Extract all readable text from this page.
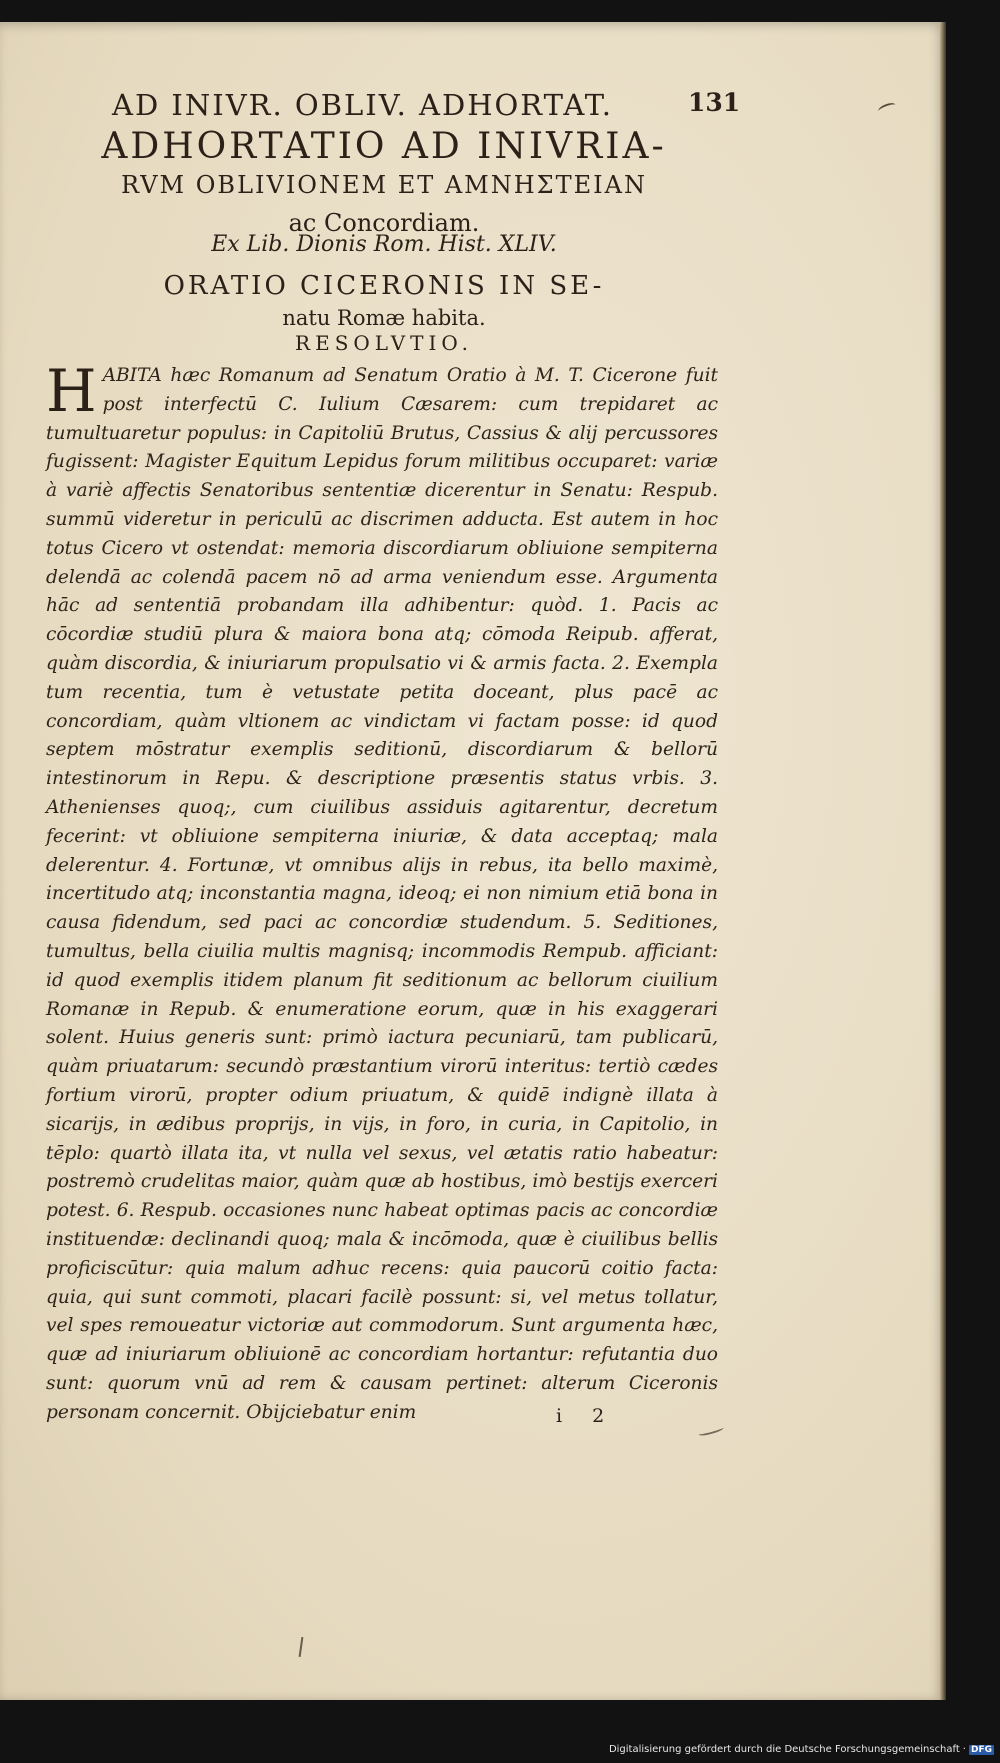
AD INIVR. OBLIV. ADHORTAT.	131
ADHORTATIO AD INIVRIA-
RVM OBLIVIONEM ET AMNHΣTEIAN
ac Concordiam.
Ex Lib. Dionis Rom. Hist. XLIV.
ORATIO CICERONIS IN SE-
natu Romæ habita.
RESOLVTIO.
HABITA hæc Romanum ad Senatum Oratio à M. T. Cicerone fuit post interfectū C. Iulium Cæsarem: cum trepidaret ac tumultuaretur populus: in Capitoliū Brutus, Cassius & alij percussores fugissent: Magister Equitum Lepidus forum militibus occuparet: variæ à variè affectis Senatoribus sententiæ dicerentur in Senatu: Respub. summū videretur in periculū ac discrimen adducta. Est autem in hoc totus Cicero vt ostendat: memoria discordiarum obliuione sempiterna delendā ac colendā pacem nō ad arma veniendum esse. Argumenta hāc ad sententiā probandam illa adhibentur: quòd. 1. Pacis ac cōcordiæ studiū plura & maiora bona atq; cōmoda Reipub. afferat, quàm discordia, & iniuriarum propulsatio vi & armis facta. 2. Exempla tum recentia, tum è vetustate petita doceant, plus pacē ac concordiam, quàm vltionem ac vindictam vi factam posse: id quod septem mōstratur exemplis seditionū, discordiarum & bellorū intestinorum in Repu. & descriptione præsentis status vrbis. 3. Athenienses quoq;, cum ciuilibus assiduis agitarentur, decretum fecerint: vt obliuione sempiterna iniuriæ, & data acceptaq; mala delerentur. 4. Fortunæ, vt omnibus alijs in rebus, ita bello maximè, incertitudo atq; inconstantia magna, ideoq; ei non nimium etiā bona in causa fidendum, sed paci ac concordiæ studendum. 5. Seditiones, tumultus, bella ciuilia multis magnisq; incommodis Rempub. afficiant: id quod exemplis itidem planum fit seditionum ac bellorum ciuilium Romanæ in Repub. & enumeratione eorum, quæ in his exaggerari solent. Huius generis sunt: primò iactura pecuniarū, tam publicarū, quàm priuatarum: secundò præstantium virorū interitus: tertiò cædes fortium virorū, propter odium priuatum, & quidē indignè illata à sicarijs, in ædibus proprijs, in vijs, in foro, in curia, in Capitolio, in tēplo: quartò illata ita, vt nulla vel sexus, vel ætatis ratio habeatur: postremò crudelitas maior, quàm quæ ab hostibus, imò bestijs exerceri potest. 6. Respub. occasiones nunc habeat optimas pacis ac concordiæ instituendæ: declinandi quoq; mala & incōmoda, quæ è ciuilibus bellis proficiscūtur: quia malum adhuc recens: quia paucorū coitio facta: quia, qui sunt commoti, placari facilè possunt: si, vel metus tollatur, vel spes remoueatur victoriæ aut commodorum. Sunt argumenta hæc, quæ ad iniuriarum obliuionē ac concordiam hortantur: refutantia duo sunt: quorum vnū ad rem & causam pertinet: alterum Ciceronis personam concernit. Obijciebatur enim	i 2
Digitalisierung gefördert durch die Deutsche Forschungsgemeinschaft · DFG
